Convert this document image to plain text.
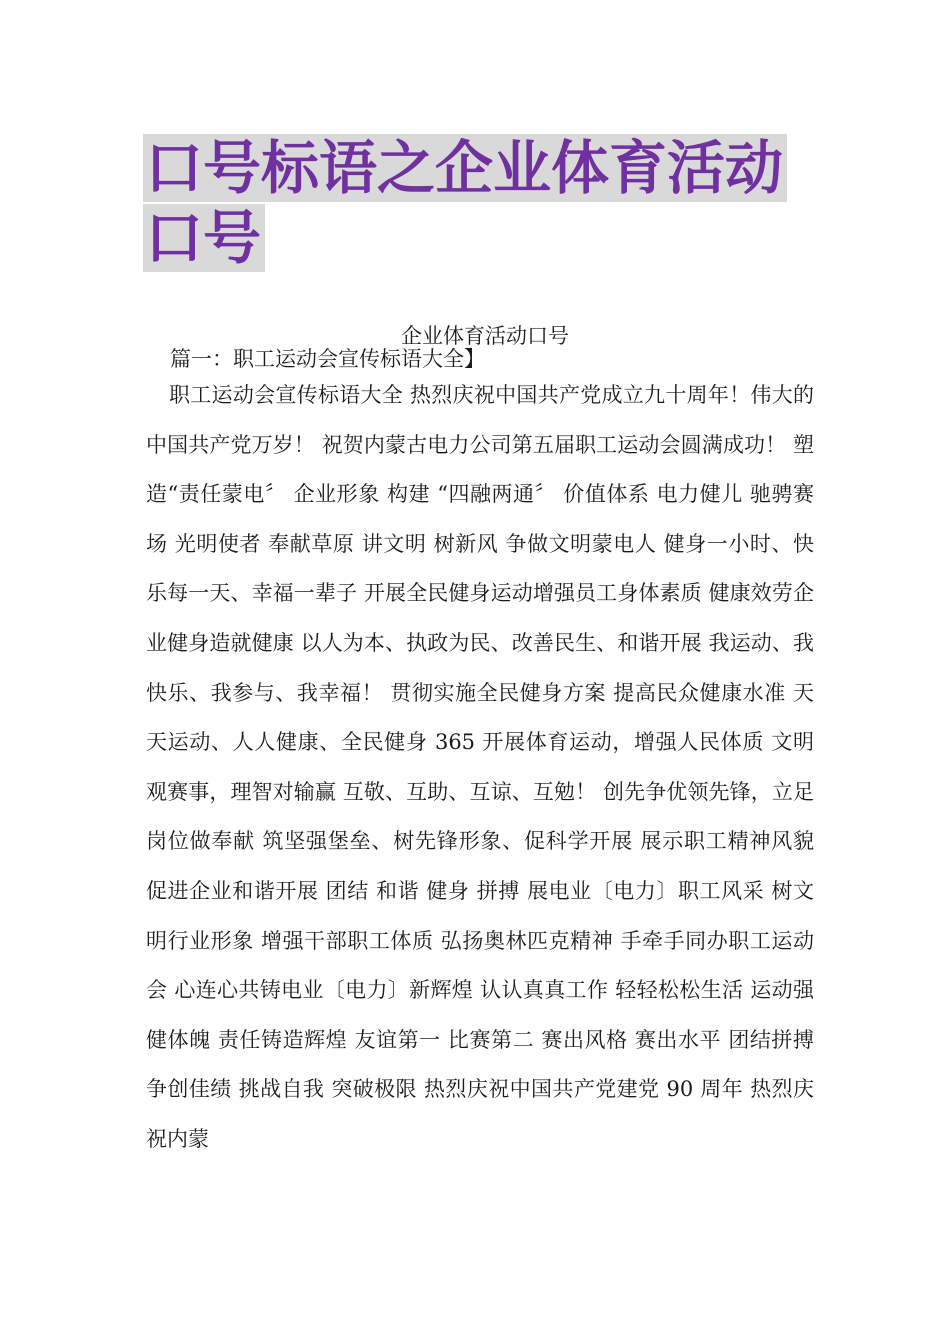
口号标语之企业体育活动口号

企业体育活动口号

篇一：职工运动会宣传标语大全】

职工运动会宣传标语大全 热烈庆祝中国共产党成立九十周年！伟大的中国共产党万岁！ 祝贺内蒙古电力公司第五届职工运动会圆满成功！ 塑造“责任蒙电〞 企业形象 构建 “四融两通〞 价值体系 电力健儿 驰骋赛场 光明使者 奉献草原 讲文明 树新风 争做文明蒙电人 健身一小时、快乐每一天、幸福一辈子 开展全民健身运动增强员工身体素质 健康效劳企业健身造就健康 以人为本、执政为民、改善民生、和谐开展 我运动、我快乐、我参与、我幸福！ 贯彻实施全民健身方案 提高民众健康水准 天天运动、人人健康、全民健身 365 开展体育运动，增强人民体质 文明观赛事，理智对输赢 互敬、互助、互谅、互勉！ 创先争优领先锋，立足岗位做奉献 筑坚强堡垒、树先锋形象、促科学开展 展示职工精神风貌 促进企业和谐开展 团结 和谐 健身 拼搏 展电业〔电力〕职工风采 树文明行业形象 增强干部职工体质 弘扬奥林匹克精神 手牵手同办职工运动会 心连心共铸电业〔电力〕新辉煌 认认真真工作 轻轻松松生活 运动强健体魄 责任铸造辉煌 友谊第一 比赛第二 赛出风格 赛出水平 团结拼搏 争创佳绩 挑战自我 突破极限 热烈庆祝中国共产党建党 90 周年 热烈庆祝内蒙
